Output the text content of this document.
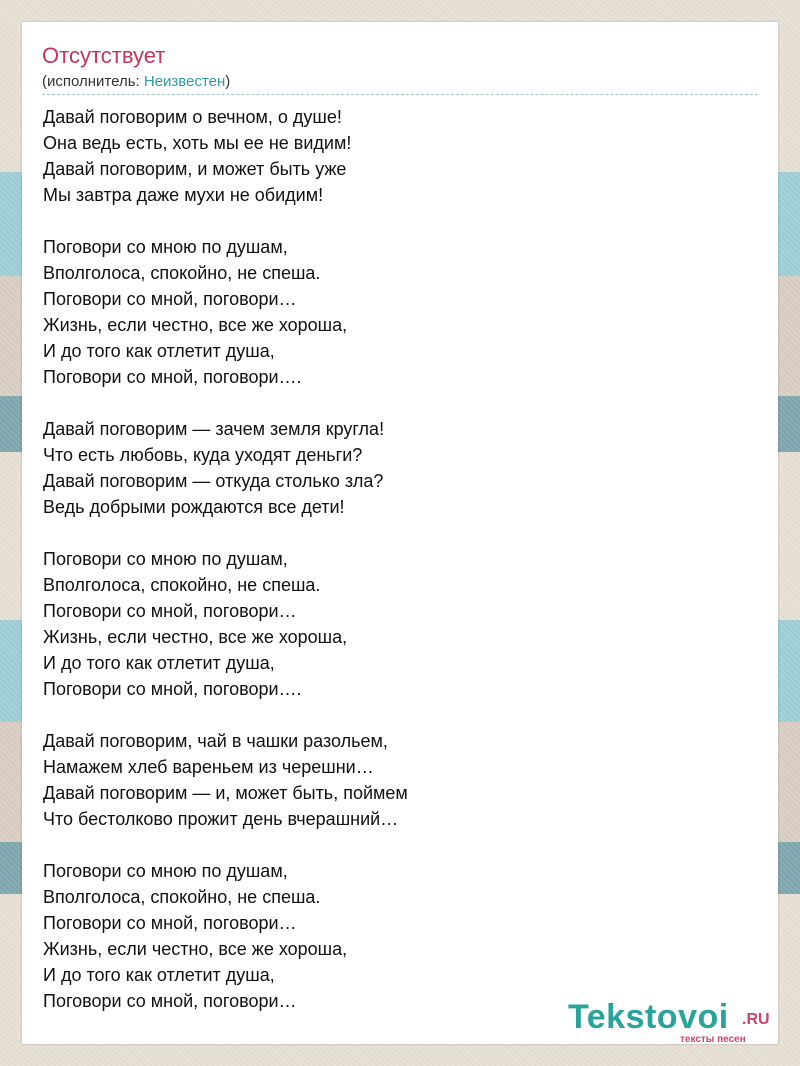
Отсутствует
(исполнитель: Неизвестен)
Давай поговорим о вечном, о душе!
Она ведь есть, хоть мы ее не видим!
Давай поговорим, и может быть уже
Мы завтра даже мухи не обидим!
Поговори со мною по душам,
Вполголоса, спокойно, не спеша.
Поговори со мной, поговори…
Жизнь, если честно, все же хороша,
И до того как отлетит душа,
Поговори со мной, поговори….
Давай поговорим — зачем земля кругла!
Что есть любовь, куда уходят деньги?
Давай поговорим — откуда столько зла?
Ведь добрыми рождаются все дети!
Поговори со мною по душам,
Вполголоса, спокойно, не спеша.
Поговори со мной, поговори…
Жизнь, если честно, все же хороша,
И до того как отлетит душа,
Поговори со мной, поговори….
Давай поговорим, чай в чашки разольем,
Намажем хлеб вареньем из черешни…
Давай поговорим — и, может быть, поймем
Что бестолково прожит день вчерашний…
Поговори со мною по душам,
Вполголоса, спокойно, не спеша.
Поговори со мной, поговори…
Жизнь, если честно, все же хороша,
И до того как отлетит душа,
Поговори со мной, поговори…	Tekstovoi .RU
тексты песен
